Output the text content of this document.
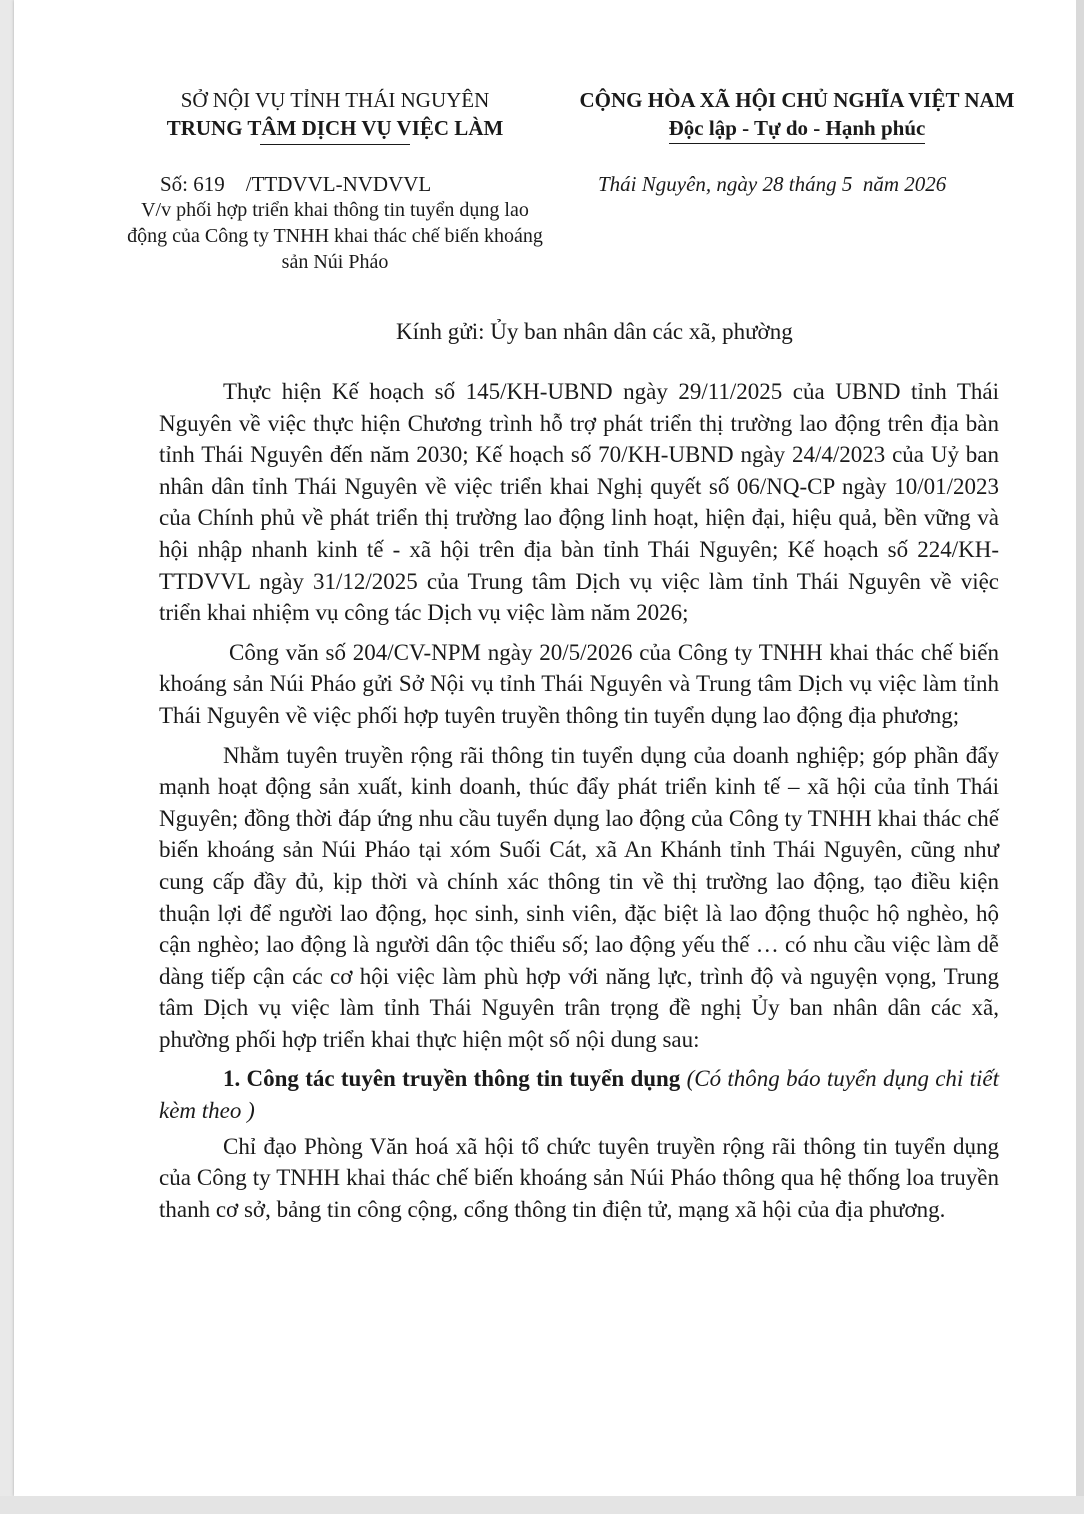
SỞ NỘI VỤ TỈNH THÁI NGUYÊN
TRUNG TÂM DỊCH VỤ VIỆC LÀM
CỘNG HÒA XÃ HỘI CHỦ NGHĨA VIỆT NAM
Độc lập - Tự do - Hạnh phúc
Số: 619    /TTDVVL-NVDVVL
V/v phối hợp triển khai thông tin tuyển dụng lao động của Công ty TNHH khai thác chế biến khoáng sản Núi Pháo
Thái Nguyên, ngày 28 tháng 5  năm 2026
Kính gửi: Ủy ban nhân dân các xã, phường

Thực hiện Kế hoạch số 145/KH-UBND ngày 29/11/2025 của UBND tỉnh Thái Nguyên về việc thực hiện Chương trình hỗ trợ phát triển thị trường lao động trên địa bàn tỉnh Thái Nguyên đến năm 2030; Kế hoạch số 70/KH-UBND ngày 24/4/2023 của Uỷ ban nhân dân tỉnh Thái Nguyên về việc triển khai Nghị quyết số 06/NQ-CP ngày 10/01/2023 của Chính phủ về phát triển thị trường lao động linh hoạt, hiện đại, hiệu quả, bền vững và hội nhập nhanh kinh tế - xã hội trên địa bàn tỉnh Thái Nguyên; Kế hoạch số 224/KH-TTDVVL ngày 31/12/2025 của Trung tâm Dịch vụ việc làm tỉnh Thái Nguyên về việc triển khai nhiệm vụ công tác Dịch vụ việc làm năm 2026;

Công văn số 204/CV-NPM ngày 20/5/2026 của Công ty TNHH khai thác chế biến khoáng sản Núi Pháo gửi Sở Nội vụ tỉnh Thái Nguyên và Trung tâm Dịch vụ việc làm tỉnh Thái Nguyên về việc phối hợp tuyên truyền thông tin tuyển dụng lao động địa phương;

Nhằm tuyên truyền rộng rãi thông tin tuyển dụng của doanh nghiệp; góp phần đẩy mạnh hoạt động sản xuất, kinh doanh, thúc đẩy phát triển kinh tế – xã hội của tỉnh Thái Nguyên; đồng thời đáp ứng nhu cầu tuyển dụng lao động của Công ty TNHH khai thác chế biến khoáng sản Núi Pháo tại xóm Suối Cát, xã An Khánh tỉnh Thái Nguyên, cũng như cung cấp đầy đủ, kịp thời và chính xác thông tin về thị trường lao động, tạo điều kiện thuận lợi để người lao động, học sinh, sinh viên, đặc biệt là lao động thuộc hộ nghèo, hộ cận nghèo; lao động là người dân tộc thiểu số; lao động yếu thế … có nhu cầu việc làm dễ dàng tiếp cận các cơ hội việc làm phù hợp với năng lực, trình độ và nguyện vọng, Trung tâm Dịch vụ việc làm tỉnh Thái Nguyên trân trọng đề nghị Ủy ban nhân dân các xã, phường phối hợp triển khai thực hiện một số nội dung sau:

1. Công tác tuyên truyền thông tin tuyển dụng (Có thông báo tuyển dụng chi tiết kèm theo )

Chỉ đạo Phòng Văn hoá xã hội tổ chức tuyên truyền rộng rãi thông tin tuyển dụng của Công ty TNHH khai thác chế biến khoáng sản Núi Pháo thông qua hệ thống loa truyền thanh cơ sở, bảng tin công cộng, cổng thông tin điện tử, mạng xã hội của địa phương.
